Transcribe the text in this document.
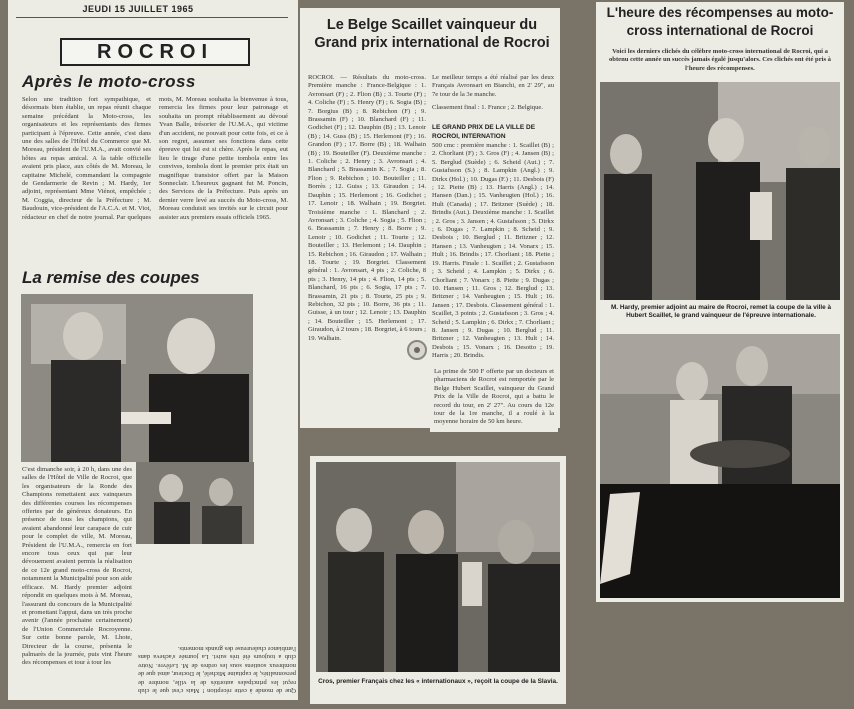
JEUDI 15 JUILLET 1965
ROCROI
Après le moto-cross
Selon une tradition fort sympathique, et désormais bien établie, un repas réunit chaque semaine précédant la Moto-cross, les organisateurs et les représentants des firmes participant à l'épreuve. Cette année, c'est dans une des salles de l'Hôtel du Commerce que M. Moreau, président de l'U.M.A., avait convié ses hôtes au repas amical. A la table officielle avaient pris place, aux côtés de M. Moreau, le capitaine Michelé, commandant la compagnie de Gendarmerie de Revin ; M. Hardy, 1er adjoint, représentant Mme Viénot, empêchée ; M. Coggia, directeur de la Préfecture ; M. Baudouin, vice-président de l'A.C.A. et M. Viot, rédacteur en chef de notre journal. Par quelques mots, M. Moreau souhaita la bienvenue à tous, remercia les firmes pour leur patronage et souhaita un prompt rétablissement au dévoué Yvan Balle, trésorier de l'U.M.A., qui victime d'un accident, ne pouvait pour cette fois, et ce à son regret, assumer ses fonctions dans cette épreuve qui lui est si chère. Après le repas, eut lieu le tirage d'une petite tombola entre les convives, tombola dont le premier prix était un magnifique transistor offert par la Maison Sonneclair. L'heureux gagnant fut M. Poncin, des Services de la Préfecture. Puis après un dernier verre levé au succès du Moto-cross, M. Moreau conduisit ses invités sur le circuit pour assister aux premiers essais officiels 1965.
La remise des coupes
C'est dimanche soir, à 20 h, dans une des salles de l'Hôtel de Ville de Rocroi, que les organisateurs de la Ronde des Champions remettaient aux vainqueurs des différentes courses les récompenses offertes par de généreux donateurs. En présence de tous les champions, qui avaient abandonné leur carapace de cuir pour le complet de ville, M. Moreau, Président de l'U.M.A., remercia en fort encore tous ceux qui par leur dévouement avaient permis la réalisation de ce 12e grand moto-cross de Rocroi, notamment la Municipalité pour son aide efficace. M. Hardy premier adjoint répondit en quelques mots à M. Moreau, l'assurant du concours de la Municipalité et promettant l'appui, dans un très proche avenir (l'année prochaine certainement) de l'Union Commerciale Rocroyenne. Sur cette bonne parole, M. Lhote, Directeur de la course, présenta le palmarès de la journée, puis vint l'heure des récompenses et tour à tour les
Que de monde à cette réception ! Mais c'est que le club reçut les principales autorités de la ville, nombre de personnalités, le capitaine Michelé, le Docteur, ainsi que de nombreux soutiens sous les ordres de M. Lefèvre. Notre club a toujours été très suivi. La journée s'acheva dans l'ambiance chaleureuse des grands moments.
Le Belge Scaillet vainqueur du Grand prix international de Rocroi
ROCROI. — Résultats du moto-cross. Première manche : France-Belgique : 1. Avronsart (F) ; 2. Flion (B) ; 3. Tourte (F) ; 4. Coliche (F) ; 5. Henry (F) ; 6. Sogia (B) ; 7. Borgius (B) ; 8. Rebichon (F) ; 9. Brassamin (F) ; 10. Blanchard (F) ; 11. Godichet (F) ; 12. Dauphin (B) ; 13. Lenoir (B) ; 14. Guss (B) ; 15. Herlemont (F) ; 16. Grandon (F) ; 17. Borre (B) ; 18. Walhain (B) ; 19. Bouteiller (F). Deuxième manche : 1. Coliche ; 2. Henry ; 3. Avronsart ; 4. Blanchard ; 5. Brassamin K. ; 7. Sogia ; 8. Flion ; 9. Rebichon ; 10. Bouteiller ; 11. Borrès ; 12. Guiss ; 13. Giraudon ; 14. Dauphin ; 15. Herlemont ; 16. Godichet ; 17. Lenoir ; 18. Walhain ; 19. Borgriet. Troisième manche : 1. Blanchard ; 2. Avronsart ; 3. Coliche ; 4. Sogia ; 5. Flion ; 6. Brassamin ; 7. Henry ; 8. Borre ; 9. Lenoir ; 10. Godichet ; 11. Tourte ; 12. Bouteiller ; 13. Herlemont ; 14. Dauphin ; 15. Rebichon ; 16. Giraudon ; 17. Walhain ; 18. Tourte ; 19. Borgriet. Classement général : 1. Avronsart, 4 pts ; 2. Coliche, 8 pts ; 3. Henry, 14 pts ; 4. Flion, 14 pts ; 5. Blanchard, 16 pts ; 6. Sogia, 17 pts ; 7. Brassamin, 21 pts ; 8. Tourte, 25 pts ; 9. Rebichon, 32 pts ; 10. Borre, 36 pts ; 11. Guisse, à un tour ; 12. Lenoir ; 13. Dauphin ; 14. Bouteiller ; 15. Herlemont ; 17. Giraudon, à 2 tours ; 18. Borgriet, à 6 tours ; 19. Walhain.
Le meilleur temps a été réalisé par les deux Français Avronsart en Bianchi, en 2' 29", au 7e tour de la 3e manche.
Classement final : 1. France ; 2. Belgique.
LE GRAND PRIX DE LA VILLE DE ROCROI, INTERNATION
500 cmc : première manche : 1. Scaillet (B) ; 2. Chorliant (F) ; 3. Gros (F) ; 4. Jansen (B) ; 5. Berglud (Suède) ; 6. Scheid (Aut.) ; 7. Gustafsson (S.) ; 8. Lampkin (Angl.) ; 9. Dirkx (Hol.) ; 10. Dugas (F.) ; 11. Desbois (F) ; 12. Piette (B) ; 13. Harris (Angl.) ; 14. Hansen (Dan.) ; 15. Vanheugten (Hol.) ; 16. Hult (Canada) ; 17. Britzner (Suède) ; 18. Brindis (Aut.). Deuxième manche : 1. Scaillet ; 2. Gros ; 3. Jansen ; 4. Gustafsson ; 5. Dirkx ; 6. Dugas ; 7. Lampkin ; 8. Scheid ; 9. Desbois ; 10. Berglud ; 11. Britzner ; 12. Hansen ; 13. Vanheugten ; 14. Vonarx ; 15. Hult ; 16. Brindis ; 17. Chorliant ; 18. Piette ; 19. Harris. Finale : 1. Scaillet ; 2. Gustafsson ; 3. Scheid ; 4. Lampkin ; 5. Dirkx ; 6. Chorliant ; 7. Vonarx ; 8. Piette ; 9. Dugas ; 10. Hansen ; 11. Gros ; 12. Berglud ; 13. Britzner ; 14. Vanheugten ; 15. Hult ; 16. Jansen ; 17. Desbois. Classement général : 1. Scaillet, 3 points ; 2. Gustafsson ; 3. Gros ; 4. Scheid ; 5. Lampkin ; 6. Dirkx ; 7. Chorliant ; 8. Jansen ; 9. Dugas ; 10. Berglud ; 11. Britzner ; 12. Vanheugten ; 13. Hult ; 14. Desbois ; 15. Vonarx ; 16. Desotto ; 19. Harris ; 20. Brindis.
La prime de 500 F offerte par un docteurs et pharmaciens de Rocroi est remportée par le Belge Hubert Scaillet, vainqueur du Grand Prix de la Ville de Rocroi, qui a battu le record du tour, en 2' 27". Au cours du 12e tour de la 1re manche, il a roulé à la moyenne horaire de 50 km heure.
Cros, premier Français chez les « internationaux », reçoit la coupe de la Slavia.
L'heure des récompenses au moto-cross international de Rocroi
Voici les derniers clichés du célèbre moto-cross international de Rocroi, qui a obtenu cette année un succès jamais égalé jusqu'alors. Ces clichés ont été pris à l'heure des récompenses.
M. Hardy, premier adjoint au maire de Rocroi, remet la coupe de la ville à Hubert Scaillet, le grand vainqueur de l'épreuve internationale.
